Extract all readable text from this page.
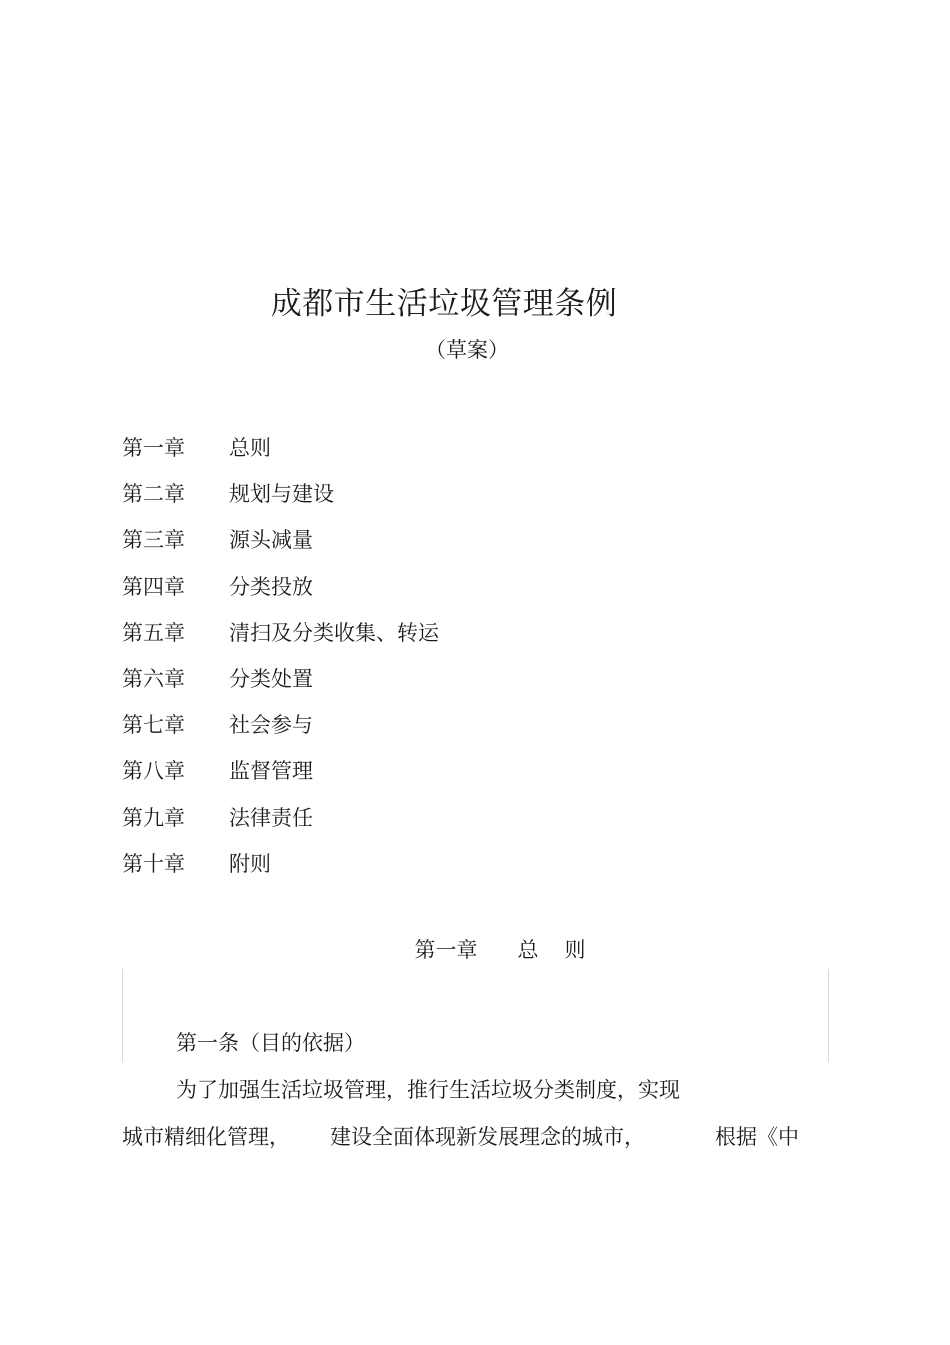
成都市生活垃圾管理条例
（草案）
第一章	总则
第二章	规划与建设
第三章	源头减量
第四章	分类投放
第五章	清扫及分类收集、转运
第六章	分类处置
第七章	社会参与
第八章	监督管理
第九章	法律责任
第十章	附则
第一章 总 则
第一条（目的依据）
为了加强生活垃圾管理，推行生活垃圾分类制度，实现
城市精细化管理， 建设全面体现新发展理念的城市，	根据《中
